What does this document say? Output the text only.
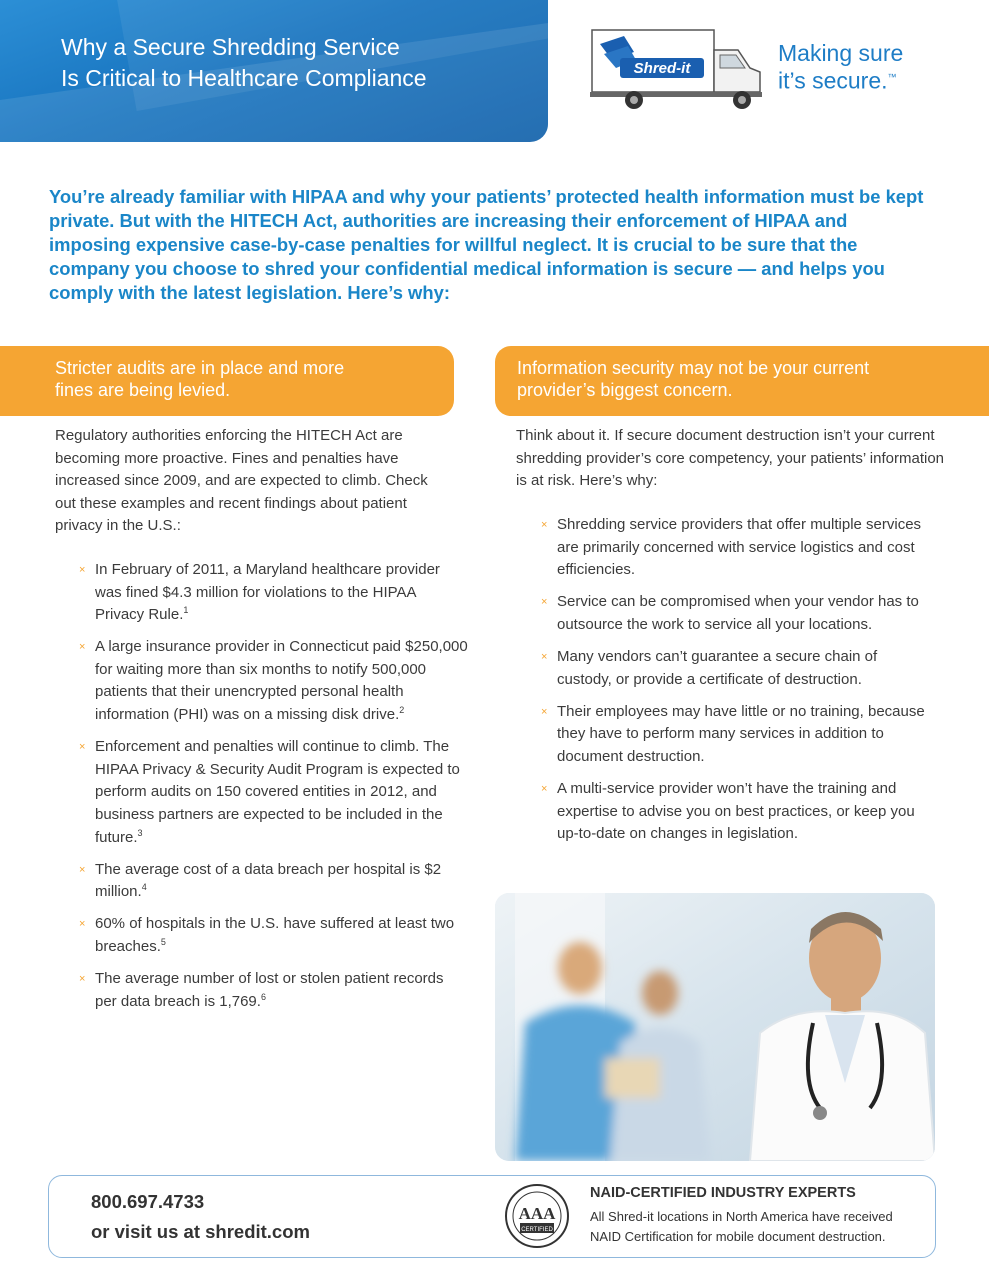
Why a Secure Shredding Service
Is Critical to Healthcare Compliance	Shred-it
Making sure
it’s secure.™
You’re already familiar with HIPAA and why your patients’ protected health information must be kept private. But with the HITECH Act, authorities are increasing their enforcement of HIPAA and imposing expensive case-by-case penalties for willful neglect. It is crucial to be sure that the company you choose to shred your confidential medical information is secure — and helps you comply with the latest legislation. Here’s why:
Stricter audits are in place and more
fines are being levied.
Information security may not be your current
provider’s biggest concern.
Regulatory authorities enforcing the HITECH Act are becoming more proactive. Fines and penalties have increased since 2009, and are expected to climb. Check out these examples and recent findings about patient privacy in the U.S.:
× In February of 2011, a Maryland healthcare provider was fined $4.3 million for violations to the HIPAA Privacy Rule.$^1$
× A large insurance provider in Connecticut paid $250,000 for waiting more than six months to notify 500,000 patients that their unencrypted personal health information (PHI) was on a missing disk drive.$^2$
× Enforcement and penalties will continue to climb. The HIPAA Privacy & Security Audit Program is expected to perform audits on 150 covered entities in 2012, and business partners are expected to be included in the future.$^3$
× The average cost of a data breach per hospital is $2 million.$^4$
× 60% of hospitals in the U.S. have suffered at least two breaches.$^5$
× The average number of lost or stolen patient records per data breach is 1,769.$^6$
Think about it. If secure document destruction isn’t your current shredding provider’s core competency, your patients’ information is at risk. Here’s why:
× Shredding service providers that offer multiple services are primarily concerned with service logistics and cost efficiencies.
× Service can be compromised when your vendor has to outsource the work to service all your locations.
× Many vendors can’t guarantee a secure chain of custody, or provide a certificate of destruction.
× Their employees may have little or no training, because they have to perform many services in addition to document destruction.
× A multi-service provider won’t have the training and expertise to advise you on best practices, or keep you up-to-date on changes in legislation.
800.697.4733
or visit us at shredit.com
AAA
CERTIFIED
NAID-CERTIFIED INDUSTRY EXPERTS
All Shred-it locations in North America have received NAID Certification for mobile document destruction.
